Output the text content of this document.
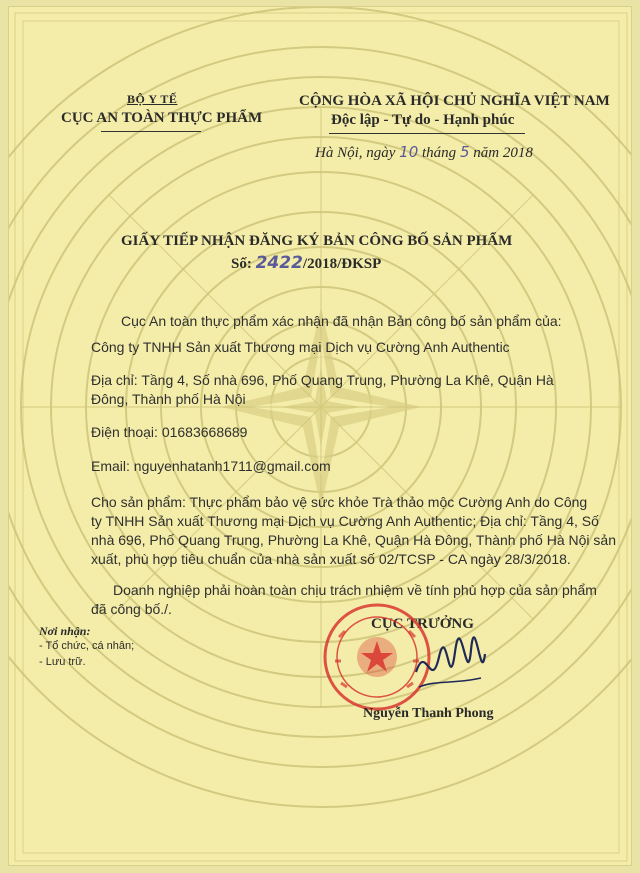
BỘ Y TẾ
CỤC AN TOÀN THỰC PHẨM
CỘNG HÒA XÃ HỘI CHỦ NGHĨA VIỆT NAM
Độc lập - Tự do - Hạnh phúc
Hà Nội, ngày 10 tháng 5 năm 2018
GIẤY TIẾP NHẬN ĐĂNG KÝ BẢN CÔNG BỐ SẢN PHẨM
Số: 2422/2018/ĐKSP
Cục An toàn thực phẩm xác nhận đã nhận Bản công bố sản phẩm của:
Công ty TNHH Sản xuất Thương mại Dịch vụ Cường Anh Authentic
Địa chỉ: Tầng 4, Số nhà 696, Phố Quang Trung, Phường La Khê, Quận Hà
Đông, Thành phố Hà Nội
Điện thoại: 01683668689
Email: nguyenhatanh1711@gmail.com
Cho sản phẩm: Thực phẩm bảo vệ sức khỏe Trà thảo mộc Cường Anh do Công
ty TNHH Sản xuất Thương mại Dịch vụ Cường Anh Authentic; Địa chỉ: Tầng 4, Số
nhà 696, Phố Quang Trung, Phường La Khê, Quận Hà Đông, Thành phố Hà Nội sản
xuất, phù hợp tiêu chuẩn của nhà sản xuất số 02/TCSP - CA ngày 28/3/2018.
Doanh nghiệp phải hoàn toàn chịu trách nhiệm về tính phù hợp của sản phẩm
đã công bố./.
Nơi nhận:
- Tổ chức, cá nhân;
- Lưu trữ.
CỤC TRƯỞNG
Nguyễn Thanh Phong
